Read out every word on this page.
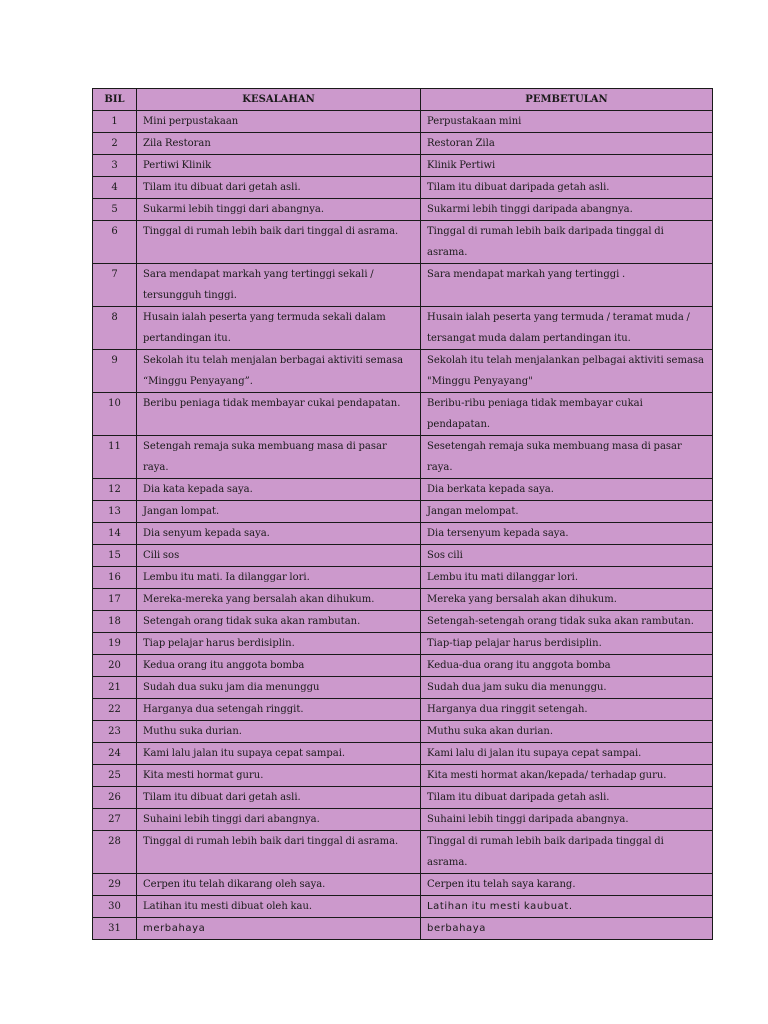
BIL	KESALAHAN	PEMBETULAN
1	Mini perpustakaan	Perpustakaan mini
2	Zila Restoran	Restoran Zila
3	Pertiwi Klinik	Klinik Pertiwi
4	Tilam itu dibuat dari getah asli.	Tilam itu dibuat daripada getah asli.
5	Sukarmi lebih tinggi dari abangnya.	Sukarmi lebih tinggi daripada abangnya.
6	Tinggal di rumah lebih baik dari tinggal di asrama.	Tinggal di rumah lebih baik daripada tinggal di asrama.
7	Sara mendapat markah yang tertinggi sekali / tersungguh tinggi.	Sara mendapat markah yang tertinggi .
8	Husain ialah peserta yang termuda sekali dalam pertandingan itu.	Husain ialah peserta yang termuda / teramat muda / tersangat muda dalam pertandingan itu.
9	Sekolah itu telah menjalan berbagai aktiviti semasa “Minggu Penyayang”.	Sekolah itu telah menjalankan pelbagai aktiviti semasa "Minggu Penyayang"
10	Beribu peniaga tidak membayar cukai pendapatan.	Beribu-ribu peniaga tidak membayar cukai pendapatan.
11	Setengah remaja suka membuang masa di pasar raya.	Sesetengah remaja suka membuang masa di pasar raya.
12	Dia kata kepada saya.	Dia berkata kepada saya.
13	Jangan lompat.	Jangan melompat.
14	Dia senyum kepada saya.	Dia tersenyum kepada saya.
15	Cili sos	Sos cili
16	Lembu itu mati. Ia dilanggar lori.	Lembu itu mati dilanggar lori.
17	Mereka-mereka yang bersalah akan dihukum.	Mereka yang bersalah akan dihukum.
18	Setengah orang tidak suka akan rambutan.	Setengah-setengah orang tidak suka akan rambutan.
19	Tiap pelajar harus berdisiplin.	Tiap-tiap pelajar harus berdisiplin.
20	Kedua orang itu anggota bomba	Kedua-dua orang itu anggota bomba
21	Sudah dua suku jam dia menunggu	Sudah dua jam suku dia menunggu.
22	Harganya dua setengah ringgit.	Harganya dua ringgit setengah.
23	Muthu suka durian.	Muthu suka akan durian.
24	Kami lalu jalan itu supaya cepat sampai.	Kami lalu di jalan itu supaya cepat sampai.
25	Kita mesti hormat guru.	Kita mesti hormat akan/kepada/ terhadap guru.
26	Tilam itu dibuat dari getah asli.	Tilam itu dibuat daripada getah asli.
27	Suhaini lebih tinggi dari abangnya.	Suhaini lebih tinggi daripada abangnya.
28	Tinggal di rumah lebih baik dari tinggal di asrama.	Tinggal di rumah lebih baik daripada tinggal di asrama.
29	Cerpen itu telah dikarang oleh saya.	Cerpen itu telah saya karang.
30	Latihan itu mesti dibuat oleh kau.	Latihan itu mesti kaubuat.
31	merbahaya	berbahaya
